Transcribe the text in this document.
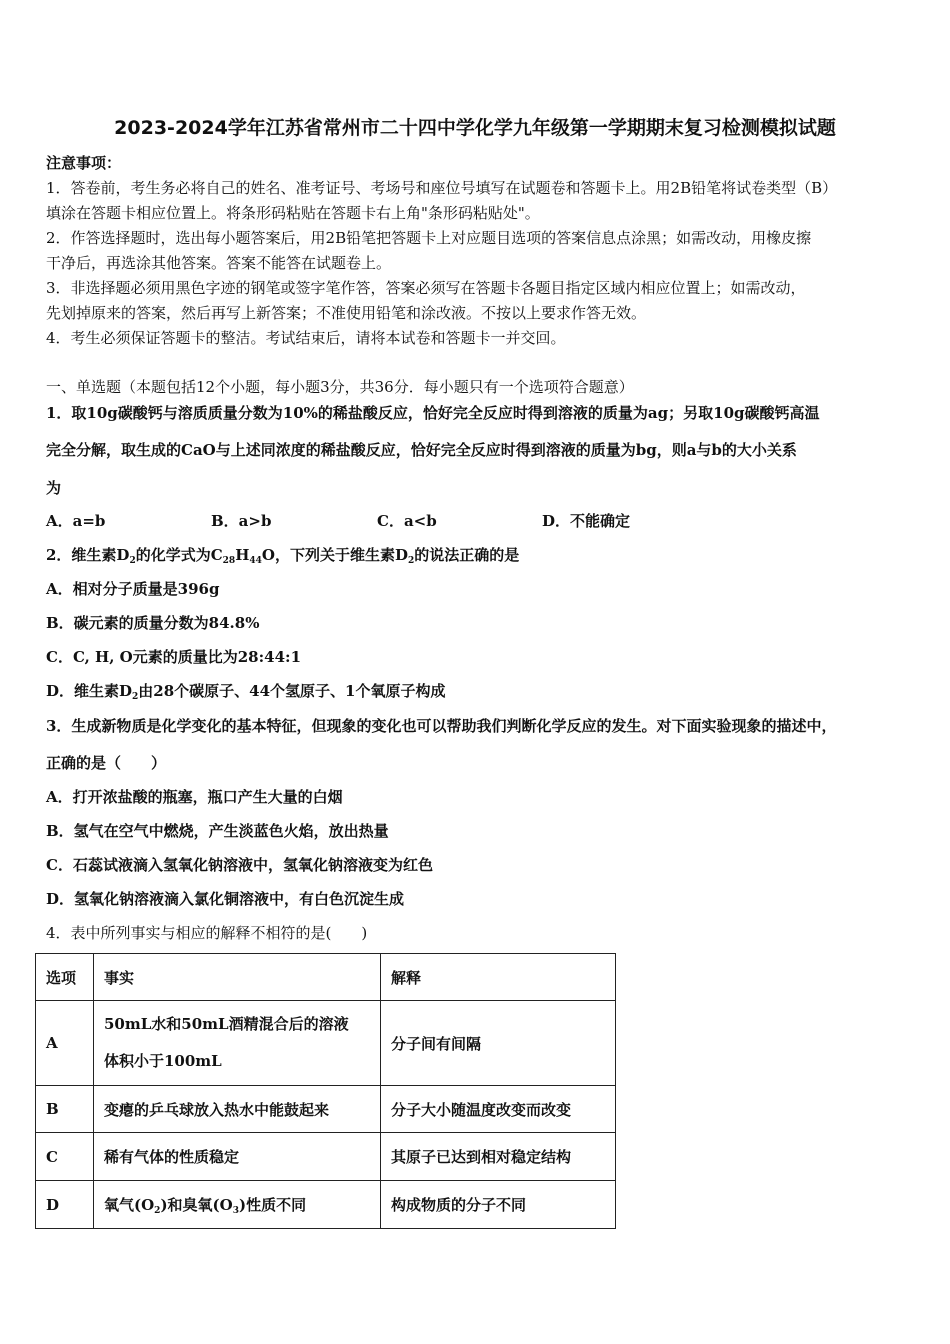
2023-2024学年江苏省常州市二十四中学化学九年级第一学期期末复习检测模拟试题
注意事项：
1．答卷前，考生务必将自己的姓名、准考证号、考场号和座位号填写在试题卷和答题卡上。用2B铅笔将试卷类型（B）
填涂在答题卡相应位置上。将条形码粘贴在答题卡右上角"条形码粘贴处"。
2．作答选择题时，选出每小题答案后，用2B铅笔把答题卡上对应题目选项的答案信息点涂黑；如需改动，用橡皮擦
干净后，再选涂其他答案。答案不能答在试题卷上。
3．非选择题必须用黑色字迹的钢笔或签字笔作答，答案必须写在答题卡各题目指定区域内相应位置上；如需改动，
先划掉原来的答案，然后再写上新答案；不准使用铅笔和涂改液。不按以上要求作答无效。
4．考生必须保证答题卡的整洁。考试结束后，请将本试卷和答题卡一并交回。
一、单选题（本题包括12个小题，每小题3分，共36分．每小题只有一个选项符合题意）
1．取10g碳酸钙与溶质质量分数为10%的稀盐酸反应，恰好完全反应时得到溶液的质量为ag；另取10g碳酸钙高温
完全分解，取生成的CaO与上述同浓度的稀盐酸反应，恰好完全反应时得到溶液的质量为bg，则a与b的大小关系
为
A．a=b	B．a>b	C．a<b	D．不能确定
2．维生素$D_2$的化学式为$C_{28}H_{44}O$，下列关于维生素$D_2$的说法正确的是
A．相对分子质量是396g
B．碳元素的质量分数为84.8%
C．C, H, O元素的质量比为28:44:1
D．维生素$D_2$由28个碳原子、44个氢原子、1个氧原子构成
3．生成新物质是化学变化的基本特征，但现象的变化也可以帮助我们判断化学反应的发生。对下面实验现象的描述中，
正确的是（　　）
A．打开浓盐酸的瓶塞，瓶口产生大量的白烟
B．氢气在空气中燃烧，产生淡蓝色火焰，放出热量
C．石蕊试液滴入氢氧化钠溶液中，氢氧化钠溶液变为红色
D．氢氧化钠溶液滴入氯化铜溶液中，有白色沉淀生成
4．表中所列事实与相应的解释不相符的是(　　)
选项	事实	解释
A	50mL水和50mL酒精混合后的溶液
体积小于100mL	分子间有间隔
B	变瘪的乒乓球放入热水中能鼓起来	分子大小随温度改变而改变
C	稀有气体的性质稳定	其原子已达到相对稳定结构
D	氧气$(O_2)$和臭氧$(O_3)$性质不同	构成物质的分子不同
